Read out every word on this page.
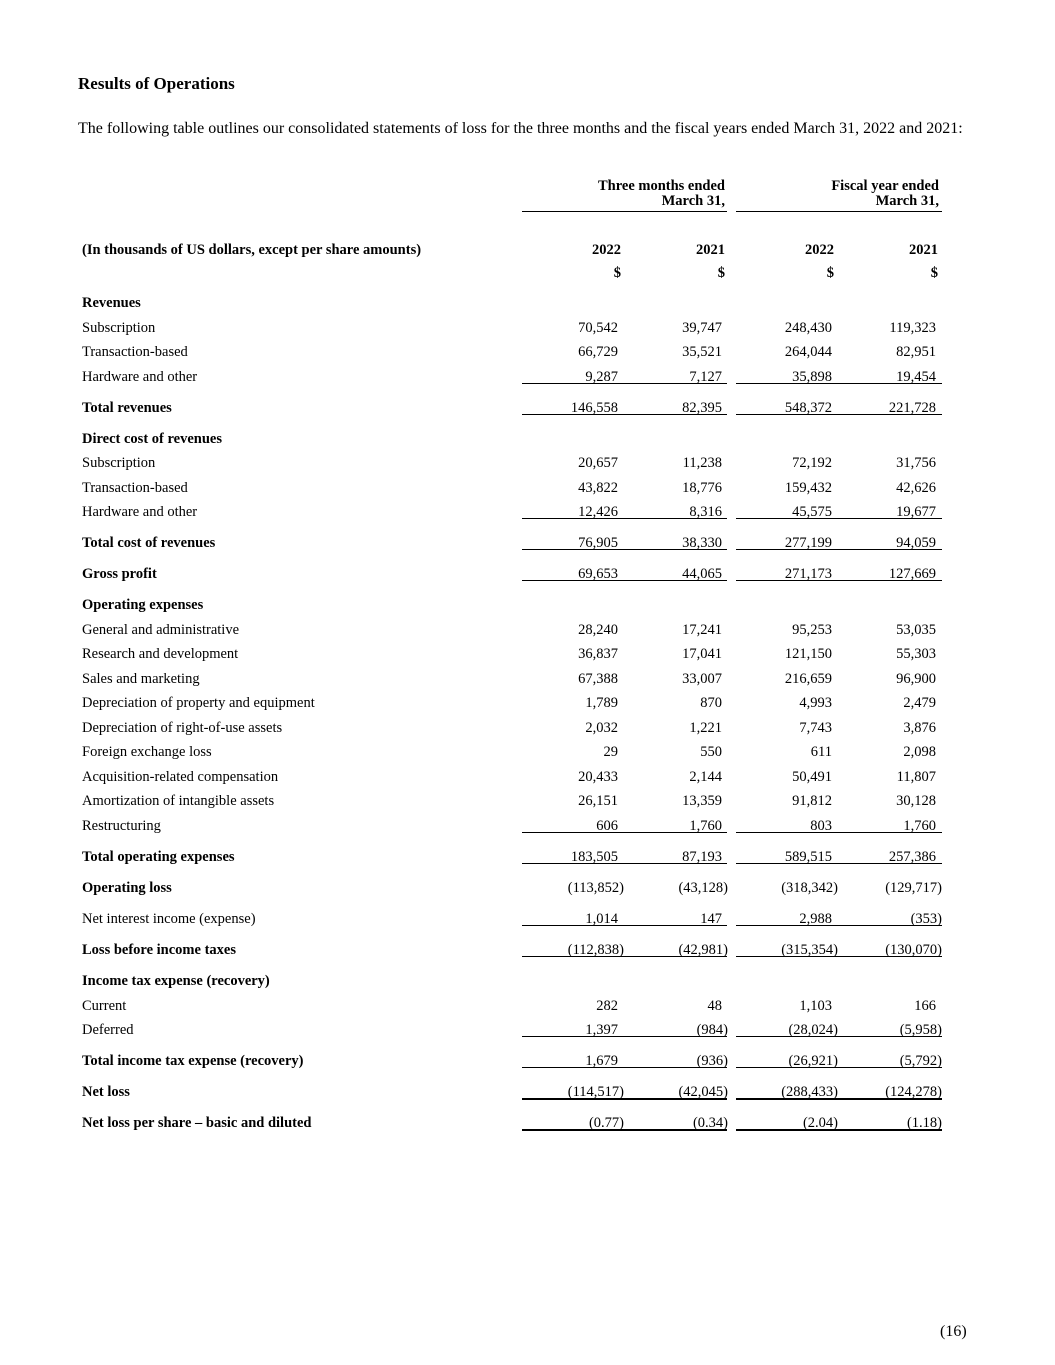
Results of Operations
The following table outlines our consolidated statements of loss for the three months and the fiscal years ended March 31, 2022 and 2021:
Three months ended
March 31,
Fiscal year ended
March 31,
(In thousands of US dollars, except per share amounts)	2022	2021	2022	2021
$	$	$	$
Revenues
Subscription	70,542	39,747	248,430	119,323
Transaction-based	66,729	35,521	264,044	82,951
Hardware and other	9,287	7,127	35,898	19,454
Total revenues	146,558	82,395	548,372	221,728
Direct cost of revenues
Subscription	20,657	11,238	72,192	31,756
Transaction-based	43,822	18,776	159,432	42,626
Hardware and other	12,426	8,316	45,575	19,677
Total cost of revenues	76,905	38,330	277,199	94,059
Gross profit	69,653	44,065	271,173	127,669
Operating expenses
General and administrative	28,240	17,241	95,253	53,035
Research and development	36,837	17,041	121,150	55,303
Sales and marketing	67,388	33,007	216,659	96,900
Depreciation of property and equipment	1,789	870	4,993	2,479
Depreciation of right-of-use assets	2,032	1,221	7,743	3,876
Foreign exchange loss	29	550	611	2,098
Acquisition-related compensation	20,433	2,144	50,491	11,807
Amortization of intangible assets	26,151	13,359	91,812	30,128
Restructuring	606	1,760	803	1,760
Total operating expenses	183,505	87,193	589,515	257,386
Operating loss	(113,852)	(43,128)	(318,342)	(129,717)
Net interest income (expense)	1,014	147	2,988	(353)
Loss before income taxes	(112,838)	(42,981)	(315,354)	(130,070)
Income tax expense (recovery)
Current	282	48	1,103	166
Deferred	1,397	(984)	(28,024)	(5,958)
Total income tax expense (recovery)	1,679	(936)	(26,921)	(5,792)
Net loss	(114,517)	(42,045)	(288,433)	(124,278)
Net loss per share – basic and diluted	(0.77)	(0.34)	(2.04)	(1.18)
(16)
